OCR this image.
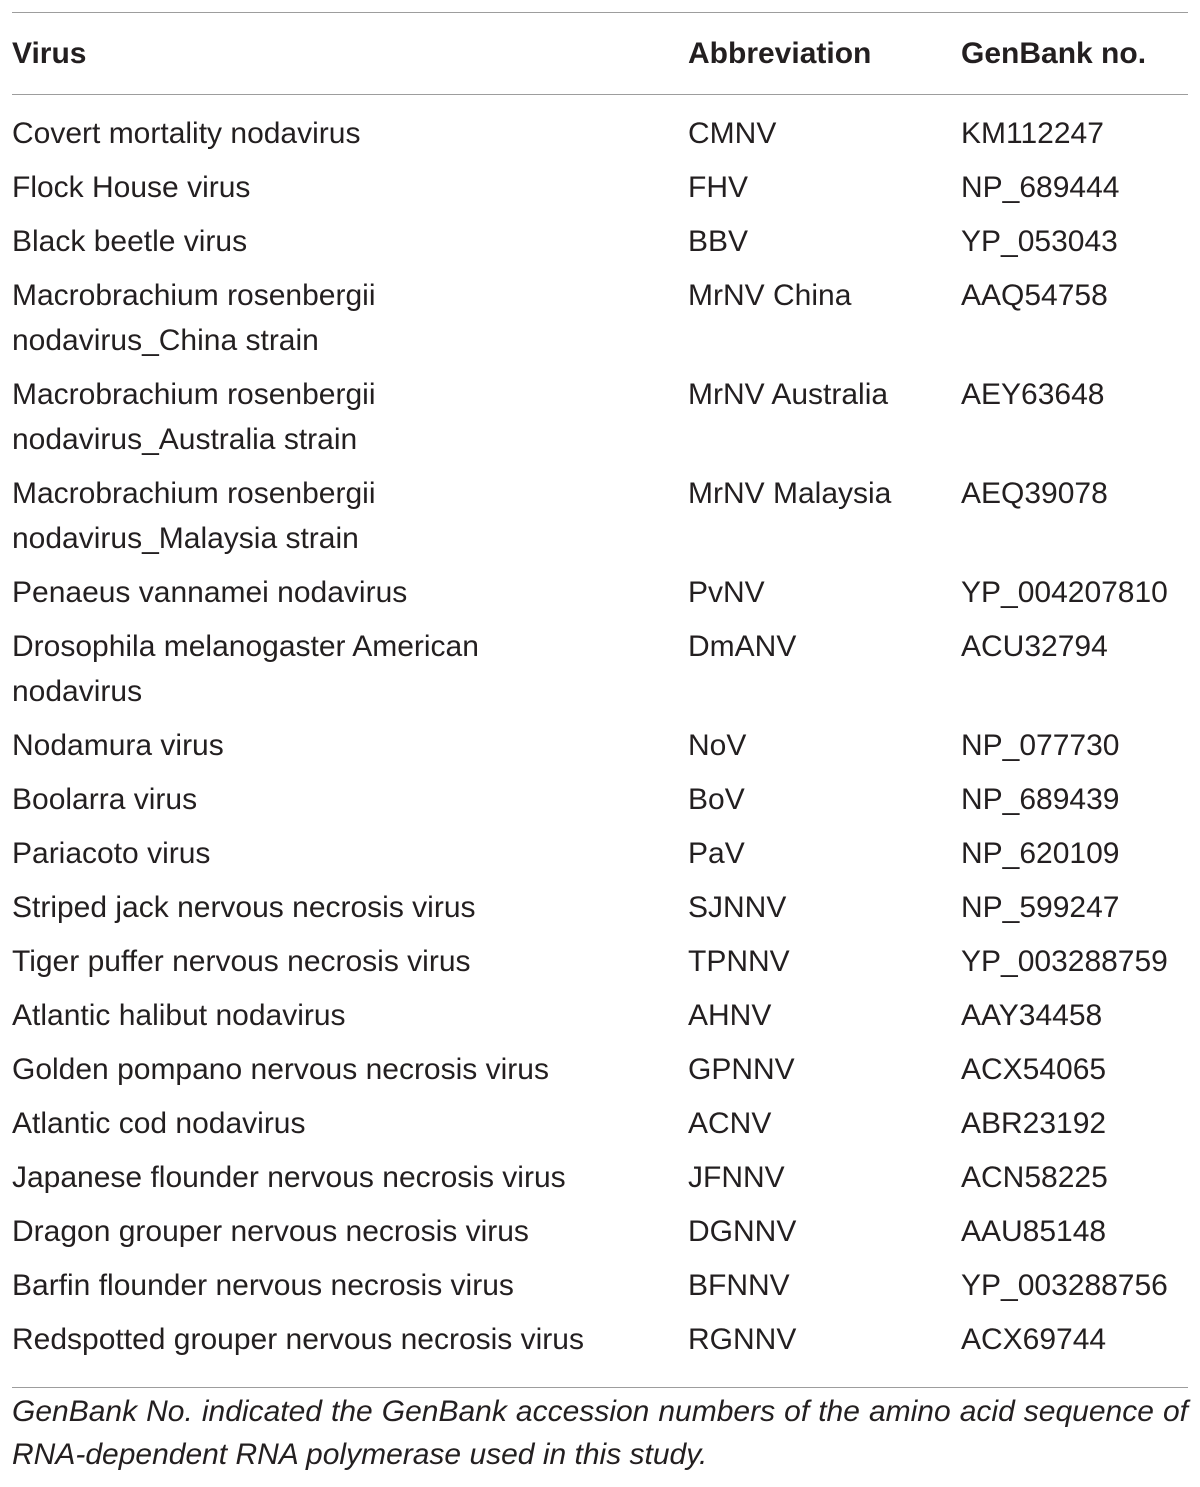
Virus	Abbreviation	GenBank no.
Covert mortality nodavirus	CMNV	KM112247
Flock House virus	FHV	NP_689444
Black beetle virus	BBV	YP_053043
Macrobrachium rosenbergii
nodavirus_China strain
MrNV China	AAQ54758
Macrobrachium rosenbergii
nodavirus_Australia strain
MrNV Australia	AEY63648
Macrobrachium rosenbergii
nodavirus_Malaysia strain
MrNV Malaysia	AEQ39078
Penaeus vannamei nodavirus	PvNV	YP_004207810
Drosophila melanogaster American
nodavirus
DmANV	ACU32794
Nodamura virus	NoV	NP_077730
Boolarra virus	BoV	NP_689439
Pariacoto virus	PaV	NP_620109
Striped jack nervous necrosis virus	SJNNV	NP_599247
Tiger puffer nervous necrosis virus	TPNNV	YP_003288759
Atlantic halibut nodavirus	AHNV	AAY34458
Golden pompano nervous necrosis virus	GPNNV	ACX54065
Atlantic cod nodavirus	ACNV	ABR23192
Japanese flounder nervous necrosis virus	JFNNV	ACN58225
Dragon grouper nervous necrosis virus	DGNNV	AAU85148
Barfin flounder nervous necrosis virus	BFNNV	YP_003288756
Redspotted grouper nervous necrosis virus	RGNNV	ACX69744
GenBank No. indicated the GenBank accession numbers of the amino acid sequence of RNA-dependent RNA polymerase used in this study.
